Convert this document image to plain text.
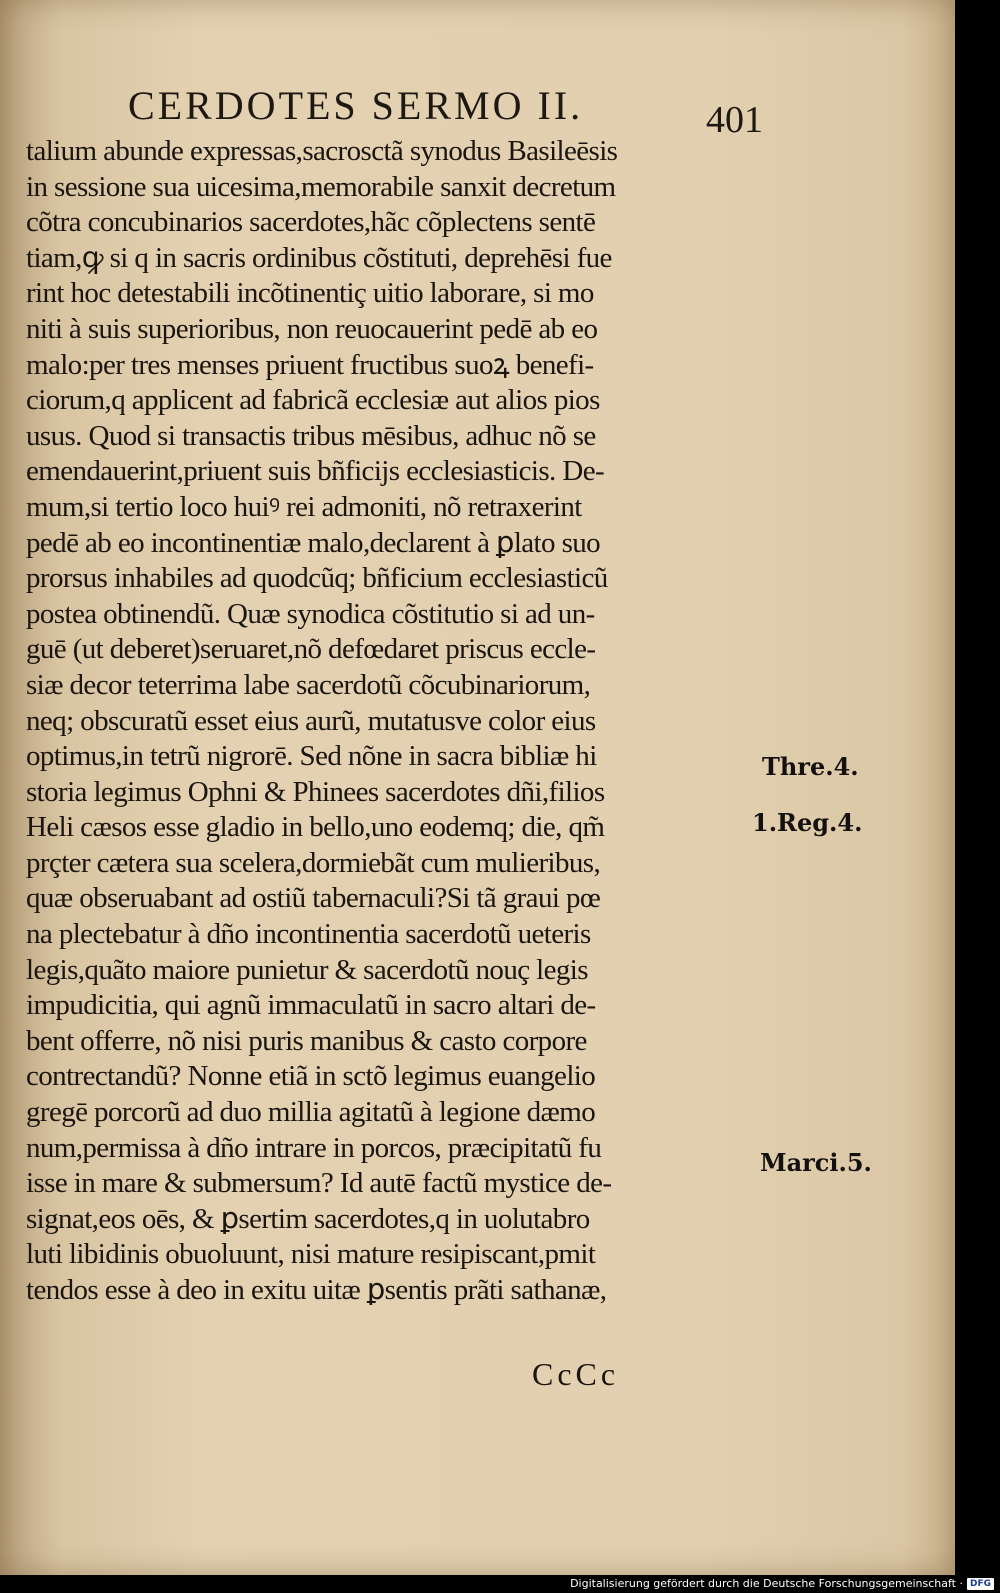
CERDOTES SERMO II.	401
talium abunde expressas,sacrosctã synodus Basileēsis
in sessione sua uicesima,memorabile sanxit decretum
cõtra concubinarios sacerdotes,hãc cõplectens sentē
tiam,ꝙ si q in sacris ordinibus cõstituti, deprehēsi fue
rint hoc detestabili incõtinentiç uitio laborare, si mo
niti à suis superioribus, non reuocauerint pedē ab eo
malo:per tres menses priuent fructibus suoꝝ benefi-
ciorum,q applicent ad fabricã ecclesiæ aut alios pios
usus. Quod si transactis tribus mēsibus, adhuc nõ se
emendauerint,priuent suis bñficijs ecclesiasticis. De-
mum,si tertio loco huiꝰ rei admoniti, nõ retraxerint
pedē ab eo incontinentiæ malo,declarent à ꝑlato suo
prorsus inhabiles ad quodcũq; bñficium ecclesiasticũ
postea obtinendũ. Quæ synodica cõstitutio si ad un-
guē (ut deberet)seruaret,nõ defœdaret priscus eccle-
siæ decor teterrima labe sacerdotũ cõcubinariorum,
neq; obscuratũ esset eius aurũ, mutatusve color eius
optimus,in tetrũ nigrorē. Sed nõne in sacra bibliæ hi
storia legimus Ophni & Phinees sacerdotes dñi,filios
Heli cæsos esse gladio in bello,uno eodemq; die, qm̃
prçter cætera sua scelera,dormiebãt cum mulieribus,
quæ obseruabant ad ostiũ tabernaculi?Si tã graui pœ
na plectebatur à dño incontinentia sacerdotũ ueteris
legis,quãto maiore punietur & sacerdotũ nouç legis
impudicitia, qui agnũ immaculatũ in sacro altari de-
bent offerre, nõ nisi puris manibus & casto corpore
contrectandũ? Nonne etiã in sctõ legimus euangelio
gregē porcorũ ad duo millia agitatũ à legione dæmo
num,permissa à dño intrare in porcos, præcipitatũ fu
isse in mare & submersum? Id autē factũ mystice de-
signat,eos oēs, & ꝑsertim sacerdotes,q in uolutabro
luti libidinis obuoluunt, nisi mature resipiscant,pmit
tendos esse à deo in exitu uitæ ꝑsentis prãti sathanæ,
CcCc
Thre.4.
1.Reg.4.
Marci.5.
Digitalisierung gefördert durch die Deutsche Forschungsgemeinschaft · DFG
